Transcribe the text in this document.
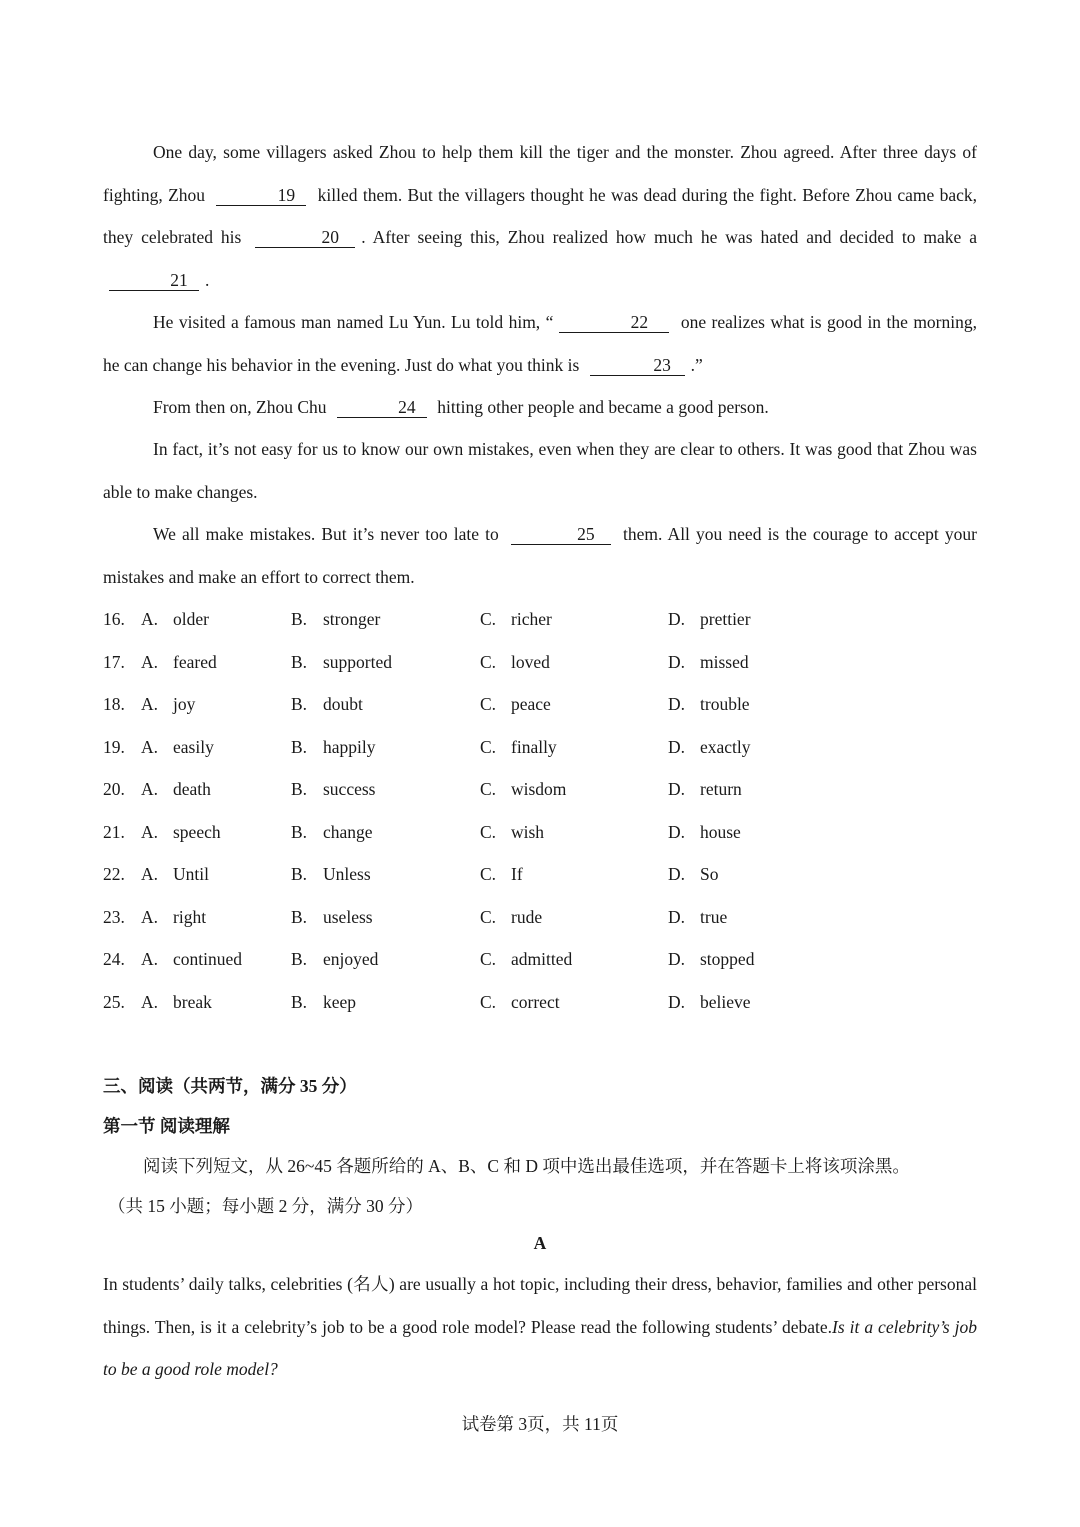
One day, some villagers asked Zhou to help them kill the tiger and the monster. Zhou agreed. After three days of fighting, Zhou	19 killed them. But the villagers thought he was dead during the fight. Before Zhou came back, they celebrated his	20 . After seeing this, Zhou realized how much he was hated and decided to make a 21 .

He visited a famous man named Lu Yun. Lu told him, “	22 one realizes what is good in the morning, he can change his behavior in the evening. Just do what you think is	23 .”

From then on, Zhou Chu	24 hitting other people and became a good person.

In fact, it’s not easy for us to know our own mistakes, even when they are clear to others. It was good that Zhou was able to make changes.

We all make mistakes. But it’s never too late to	25 them. All you need is the courage to accept your mistakes and make an effort to correct them.

16. A. older	B. stronger	C. richer	D. prettier
17. A. feared	B. supported	C. loved	D. missed
18. A. joy	B. doubt	C. peace	D. trouble
19. A. easily	B. happily	C. finally	D. exactly
20. A. death	B. success	C. wisdom	D. return
21. A. speech	B. change	C. wish	D. house
22. A. Until	B. Unless	C. If	D. So
23. A. right	B. useless	C. rude	D. true
24. A. continued	B. enjoyed	C. admitted	D. stopped
25. A. break	B. keep	C. correct	D. believe

三、阅读（共两节，满分 35 分）

第一节 阅读理解

阅读下列短文，从 26~45 各题所给的 A、B、C 和 D 项中选出最佳选项，并在答题卡上将该项涂黑。

（共 15 小题；每小题 2 分，满分 30 分）

A

In students’ daily talks, celebrities (名人) are usually a hot topic, including their dress, behavior, families and other personal things. Then, is it a celebrity’s job to be a good role model? Please read the following students’ debate.Is it a celebrity’s job to be a good role model?

试卷第 3页，共 11页
